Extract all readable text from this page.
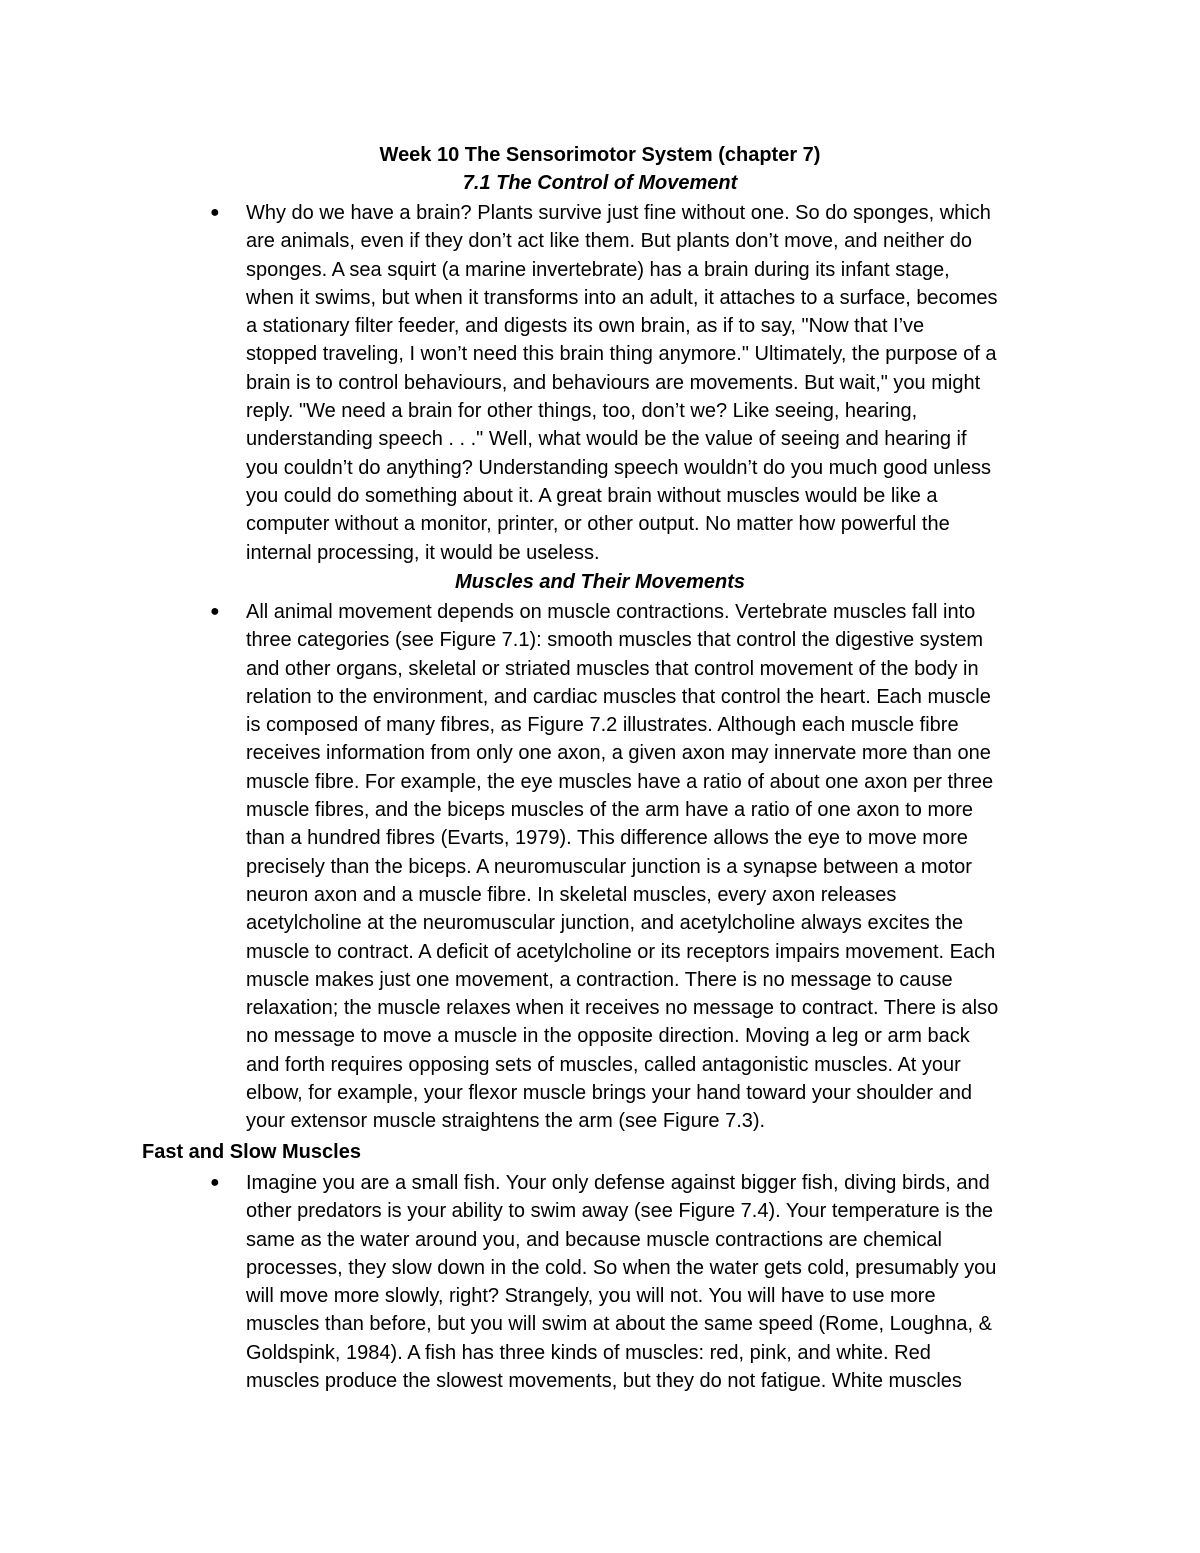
Week 10 The Sensorimotor System (chapter 7)
7.1 The Control of Movement
● Why do we have a brain? Plants survive just fine without one. So do sponges, which
are animals, even if they don’t act like them. But plants don’t move, and neither do
sponges. A sea squirt (a marine invertebrate) has a brain during its infant stage,
when it swims, but when it transforms into an adult, it attaches to a surface, becomes
a stationary filter feeder, and digests its own brain, as if to say, "Now that I’ve
stopped traveling, I won’t need this brain thing anymore." Ultimately, the purpose of a
brain is to control behaviours, and behaviours are movements. But wait," you might
reply. "We need a brain for other things, too, don’t we? Like seeing, hearing,
understanding speech . . ." Well, what would be the value of seeing and hearing if
you couldn’t do anything? Understanding speech wouldn’t do you much good unless
you could do something about it. A great brain without muscles would be like a
computer without a monitor, printer, or other output. No matter how powerful the
internal processing, it would be useless.

Muscles and Their Movements
● All animal movement depends on muscle contractions. Vertebrate muscles fall into
three categories (see Figure 7.1): smooth muscles that control the digestive system
and other organs, skeletal or striated muscles that control movement of the body in
relation to the environment, and cardiac muscles that control the heart. Each muscle
is composed of many fibres, as Figure 7.2 illustrates. Although each muscle fibre
receives information from only one axon, a given axon may innervate more than one
muscle fibre. For example, the eye muscles have a ratio of about one axon per three
muscle fibres, and the biceps muscles of the arm have a ratio of one axon to more
than a hundred fibres (Evarts, 1979). This difference allows the eye to move more
precisely than the biceps. A neuromuscular junction is a synapse between a motor
neuron axon and a muscle fibre. In skeletal muscles, every axon releases
acetylcholine at the neuromuscular junction, and acetylcholine always excites the
muscle to contract. A deficit of acetylcholine or its receptors impairs movement. Each
muscle makes just one movement, a contraction. There is no message to cause
relaxation; the muscle relaxes when it receives no message to contract. There is also
no message to move a muscle in the opposite direction. Moving a leg or arm back
and forth requires opposing sets of muscles, called antagonistic muscles. At your
elbow, for example, your flexor muscle brings your hand toward your shoulder and
your extensor muscle straightens the arm (see Figure 7.3).

Fast and Slow Muscles
● Imagine you are a small fish. Your only defense against bigger fish, diving birds, and
other predators is your ability to swim away (see Figure 7.4). Your temperature is the
same as the water around you, and because muscle contractions are chemical
processes, they slow down in the cold. So when the water gets cold, presumably you
will move more slowly, right? Strangely, you will not. You will have to use more
muscles than before, but you will swim at about the same speed (Rome, Loughna, &
Goldspink, 1984). A fish has three kinds of muscles: red, pink, and white. Red
muscles produce the slowest movements, but they do not fatigue. White muscles
